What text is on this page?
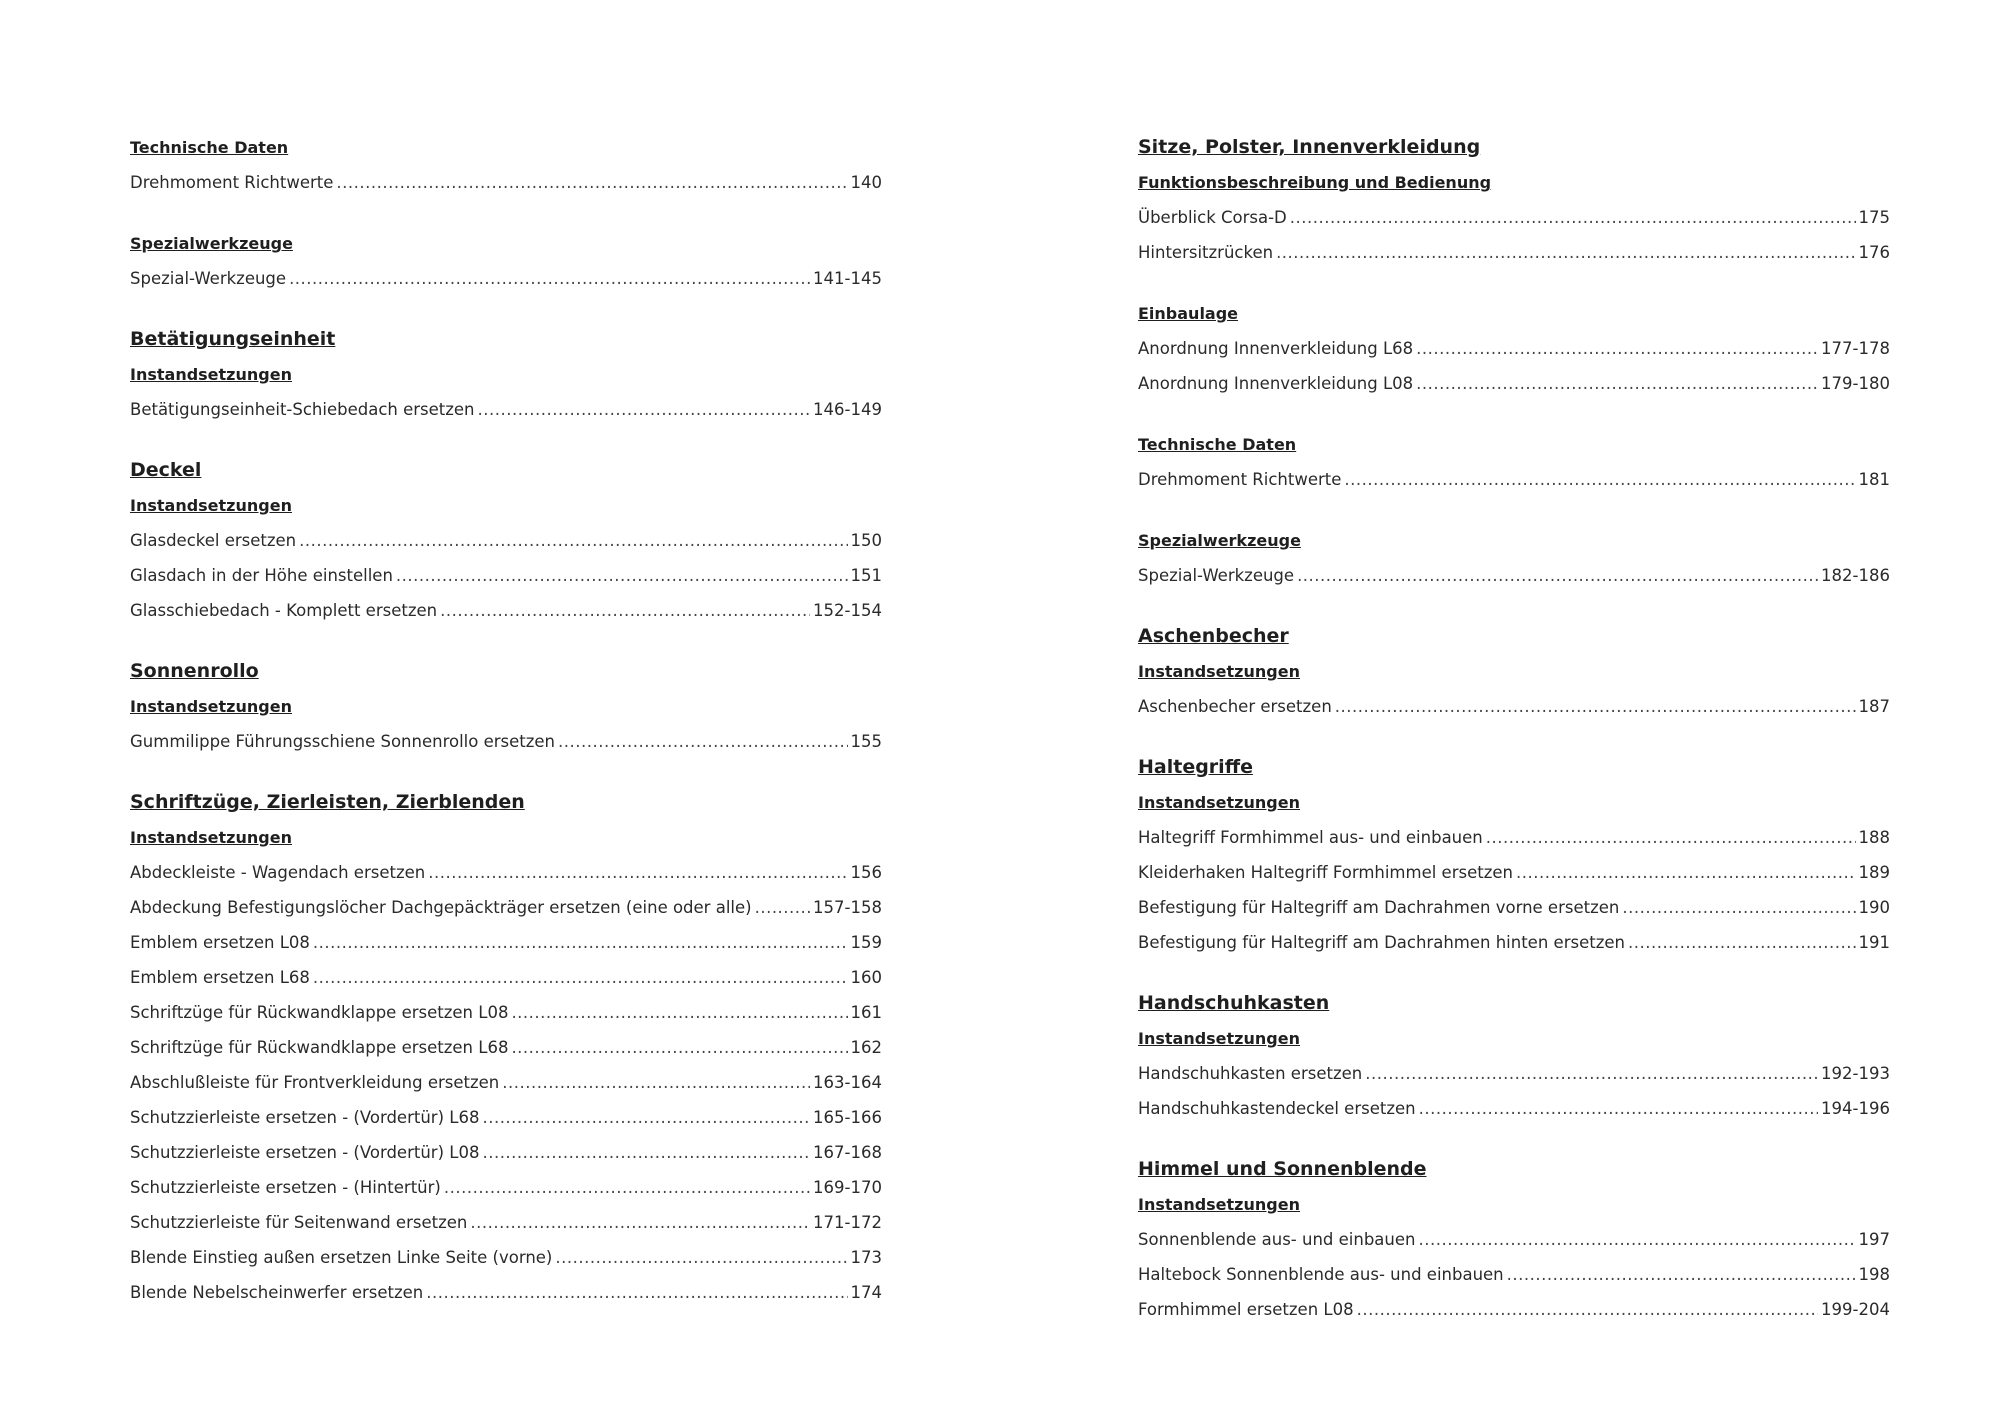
Technische Daten
Drehmoment Richtwerte .....	140
Spezialwerkzeuge
Spezial-Werkzeuge .....	141-145
Betätigungseinheit
Instandsetzungen
Betätigungseinheit-Schiebedach ersetzen .....	146-149
Deckel
Instandsetzungen
Glasdeckel ersetzen .....	150
Glasdach in der Höhe einstellen .....	151
Glasschiebedach - Komplett ersetzen .....	152-154
Sonnenrollo
Instandsetzungen
Gummilippe Führungsschiene Sonnenrollo ersetzen .....	155
Schriftzüge, Zierleisten, Zierblenden
Instandsetzungen
Abdeckleiste - Wagendach ersetzen .....	156
Abdeckung Befestigungslöcher Dachgepäckträger ersetzen (eine oder alle) .....	157-158
Emblem ersetzen L08 .....	159
Emblem ersetzen L68 .....	160
Schriftzüge für Rückwandklappe ersetzen L08 .....	161
Schriftzüge für Rückwandklappe ersetzen L68 .....	162
Abschlußleiste für Frontverkleidung ersetzen .....	163-164
Schutzzierleiste ersetzen - (Vordertür) L68 .....	165-166
Schutzzierleiste ersetzen - (Vordertür) L08 .....	167-168
Schutzzierleiste ersetzen - (Hintertür) .....	169-170
Schutzzierleiste für Seitenwand ersetzen .....	171-172
Blende Einstieg außen ersetzen Linke Seite (vorne) .....	173
Blende Nebelscheinwerfer ersetzen .....	174
Sitze, Polster, Innenverkleidung
Funktionsbeschreibung und Bedienung
Überblick Corsa-D .....	175
Hintersitzrücken .....	176
Einbaulage
Anordnung Innenverkleidung L68 .....	177-178
Anordnung Innenverkleidung L08 .....	179-180
Technische Daten
Drehmoment Richtwerte .....	181
Spezialwerkzeuge
Spezial-Werkzeuge .....	182-186
Aschenbecher
Instandsetzungen
Aschenbecher ersetzen .....	187
Haltegriffe
Instandsetzungen
Haltegriff Formhimmel aus- und einbauen .....	188
Kleiderhaken Haltegriff Formhimmel ersetzen .....	189
Befestigung für Haltegriff am Dachrahmen vorne ersetzen .....	190
Befestigung für Haltegriff am Dachrahmen hinten ersetzen .....	191
Handschuhkasten
Instandsetzungen
Handschuhkasten ersetzen .....	192-193
Handschuhkastendeckel ersetzen .....	194-196
Himmel und Sonnenblende
Instandsetzungen
Sonnenblende aus- und einbauen .....	197
Haltebock Sonnenblende aus- und einbauen .....	198
Formhimmel ersetzen L08 .....	199-204
